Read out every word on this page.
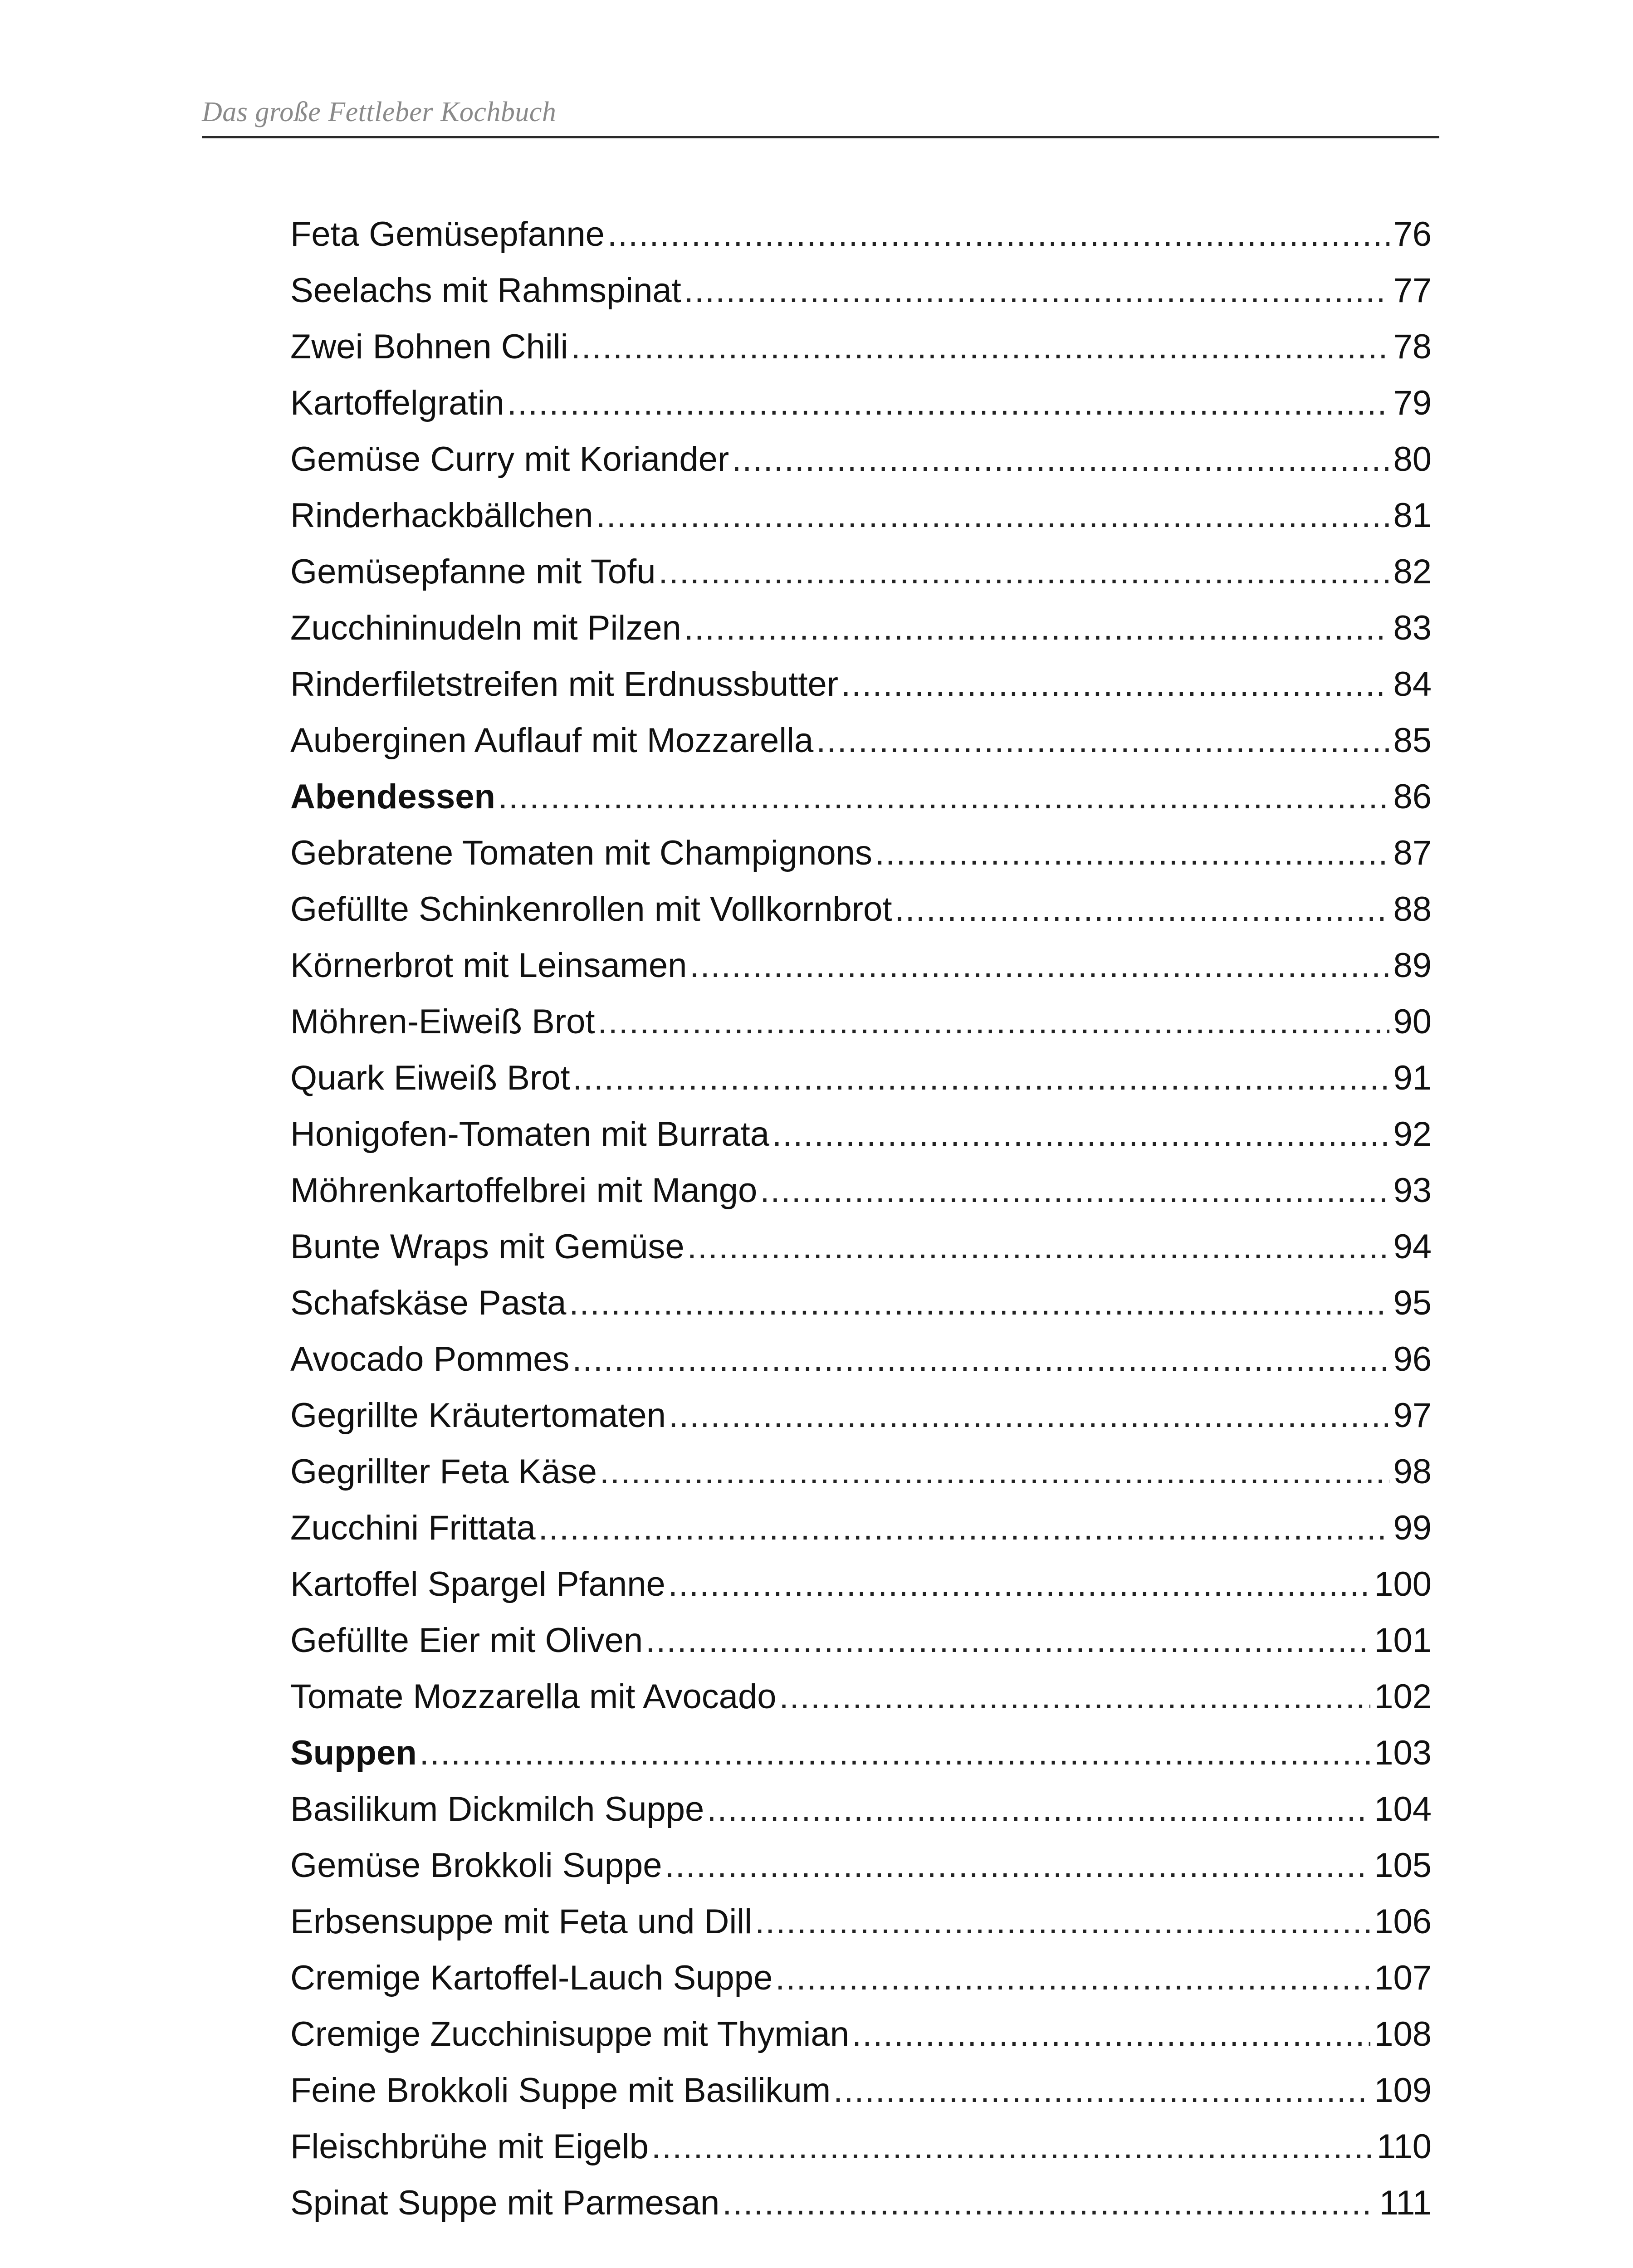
Das große Fettleber Kochbuch
Feta Gemüsepfanne .....	76
Seelachs mit Rahmspinat .....	77
Zwei Bohnen Chili .....	78
Kartoffelgratin .....	79
Gemüse Curry mit Koriander .....	80
Rinderhackbällchen .....	81
Gemüsepfanne mit Tofu .....	82
Zucchininudeln mit Pilzen .....	83
Rinderfiletstreifen mit Erdnussbutter .....	84
Auberginen Auflauf mit Mozzarella .....	85
Abendessen .....	86
Gebratene Tomaten mit Champignons .....	87
Gefüllte Schinkenrollen mit Vollkornbrot .....	88
Körnerbrot mit Leinsamen .....	89
Möhren-Eiweiß Brot .....	90
Quark Eiweiß Brot .....	91
Honigofen-Tomaten mit Burrata .....	92
Möhrenkartoffelbrei mit Mango .....	93
Bunte Wraps mit Gemüse .....	94
Schafskäse Pasta .....	95
Avocado Pommes .....	96
Gegrillte Kräutertomaten .....	97
Gegrillter Feta Käse .....	98
Zucchini Frittata .....	99
Kartoffel Spargel Pfanne .....	100
Gefüllte Eier mit Oliven .....	101
Tomate Mozzarella mit Avocado .....	102
Suppen .....	103
Basilikum Dickmilch Suppe .....	104
Gemüse Brokkoli Suppe .....	105
Erbsensuppe mit Feta und Dill .....	106
Cremige Kartoffel-Lauch Suppe .....	107
Cremige Zucchinisuppe mit Thymian .....	108
Feine Brokkoli Suppe mit Basilikum .....	109
Fleischbrühe mit Eigelb .....	110
Spinat Suppe mit Parmesan .....	111
